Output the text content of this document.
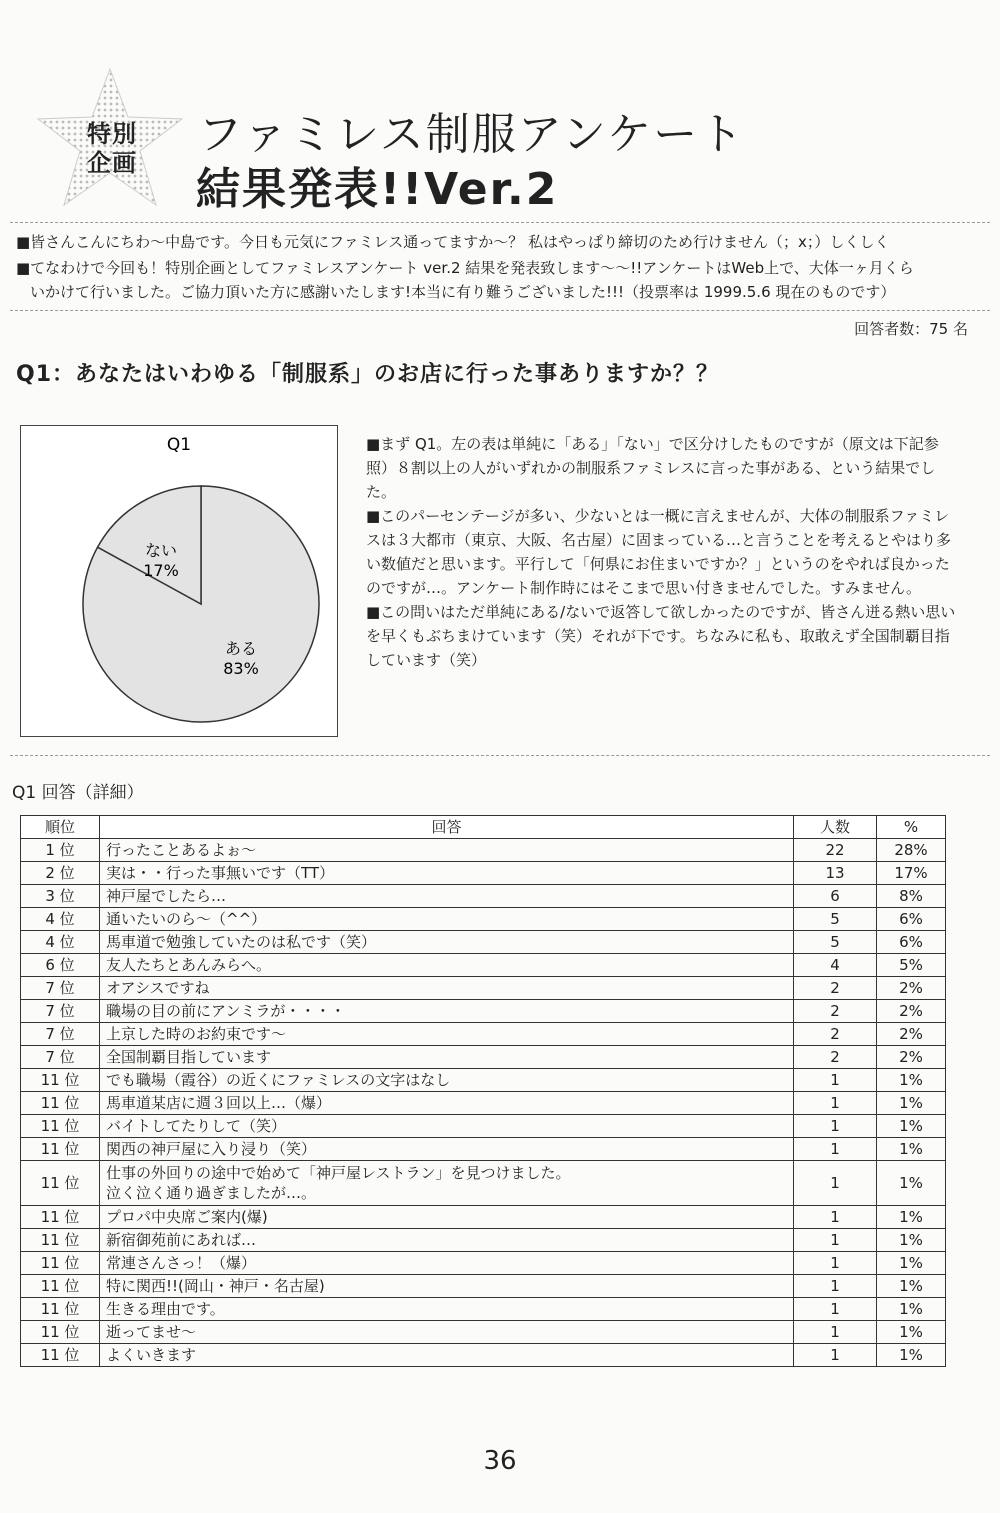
特別
企画
ファミレス制服アンケート
結果発表!!Ver.2
■皆さんこんにちわ〜中島です。今日も元気にファミレス通ってますか〜？ 私はやっぱり締切のため行けません（；x；）しくしく
■てなわけで今回も！特別企画としてファミレスアンケート ver.2 結果を発表致します〜〜!!アンケートはWeb上で、大体一ヶ月くら
いかけて行いました。ご協力頂いた方に感謝いたします!本当に有り難うございました!!!（投票率は 1999.5.6 現在のものです）
回答者数：75 名
Q1：あなたはいわゆる「制服系」のお店に行った事ありますか？？
Q1
ある
83%
ない
17%

■まず Q1。左の表は単純に「ある」「ない」で区分けしたものですが（原文は下記参照）８割以上の人がいずれかの制服系ファミレスに言った事がある、という結果でした。

■このパーセンテージが多い、少ないとは一概に言えませんが、大体の制服系ファミレスは３大都市（東京、大阪、名古屋）に固まっている…と言うことを考えるとやはり多い数値だと思います。平行して「何県にお住まいですか？」というのをやれば良かったのですが…。アンケート制作時にはそこまで思い付きませんでした。すみません。

■この問いはただ単純にある/ないで返答して欲しかったのですが、皆さん迸る熱い思いを早くもぶちまけています（笑）それが下です。ちなみに私も、取敢えず全国制覇目指しています（笑）

Q1 回答（詳細）
順位	回答	人数	%
1 位	行ったことあるよぉ〜	22	28%
2 位	実は・・行った事無いです（TT）	13	17%
3 位	神戸屋でしたら…	6	8%
4 位	通いたいのら〜（^^）	5	6%
4 位	馬車道で勉強していたのは私です（笑）	5	6%
6 位	友人たちとあんみらへ。	4	5%
7 位	オアシスですね	2	2%
7 位	職場の目の前にアンミラが・・・・	2	2%
7 位	上京した時のお約束です〜	2	2%
7 位	全国制覇目指しています	2	2%
11 位	でも職場（霞谷）の近くにファミレスの文字はなし	1	1%
11 位	馬車道某店に週３回以上…（爆）	1	1%
11 位	バイトしてたりして（笑）	1	1%
11 位	関西の神戸屋に入り浸り（笑）	1	1%
11 位	仕事の外回りの途中で始めて「神戸屋レストラン」を見つけました。
泣く泣く通り過ぎましたが…。	1	1%
11 位	プロパ中央席ご案内(爆)	1	1%
11 位	新宿御苑前にあれば…	1	1%
11 位	常連さんさっ！（爆）	1	1%
11 位	特に関西!!(岡山・神戸・名古屋)	1	1%
11 位	生きる理由です。	1	1%
11 位	逝ってませ〜	1	1%
11 位	よくいきます	1	1%
36
